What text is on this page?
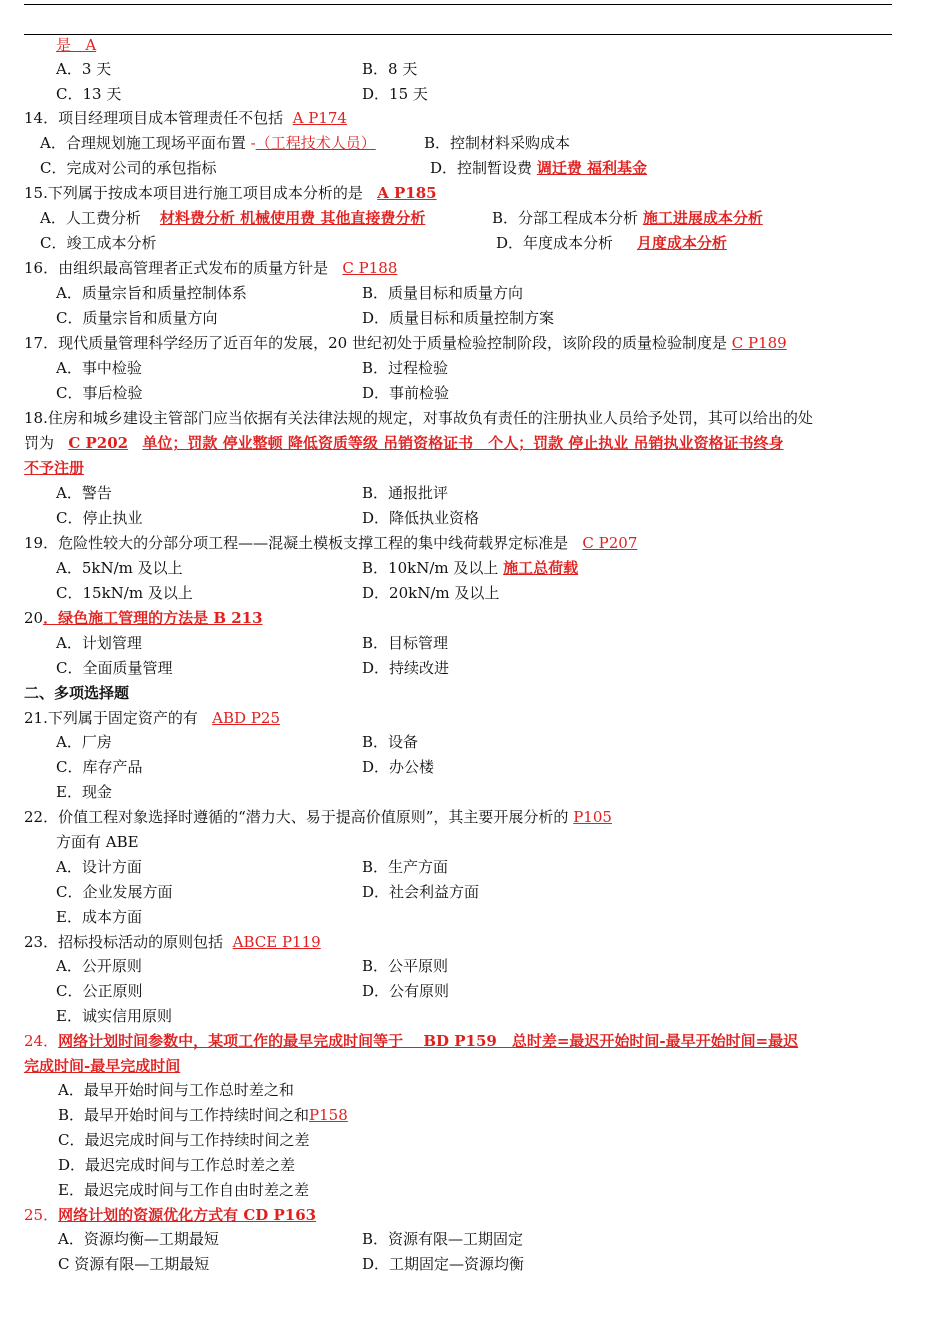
是 A
A．3 天	B．8 天
C．13 天	D．15 天
14．项目经理项目成本管理责任不包括 A P174
A．合理规划施工现场平面布置 -（工程技术人员）	B．控制材料采购成本
C．完成对公司的承包指标	D．控制暂设费 调迁费 福利基金
15.下列属于按成本项目进行施工项目成本分析的是 A P185
A．人工费分析 材料费分析 机械使用费 其他直接费分析	B．分部工程成本分析 施工进展成本分析
C．竣工成本分析	D．年度成本分析 月度成本分析
16．由组织最高管理者正式发布的质量方针是 C P188
A．质量宗旨和质量控制体系	B．质量目标和质量方向
C．质量宗旨和质量方向	D．质量目标和质量控制方案
17．现代质量管理科学经历了近百年的发展，20 世纪初处于质量检验控制阶段，该阶段的质量检验制度是 C P189
A．事中检验	B．过程检验
C．事后检验	D．事前检验
18.住房和城乡建设主管部门应当依据有关法律法规的规定，对事故负有责任的注册执业人员给予处罚，其可以给出的处
罚为 C P202 单位；罚款 停业整顿 降低资质等级 吊销资格证书　个人；罚款 停止执业 吊销执业资格证书终身
不予注册
A．警告	B．通报批评
C．停止执业	D．降低执业资格
19．危险性较大的分部分项工程——混凝土模板支撑工程的集中线荷载界定标准是 C P207
A．5kN/m 及以上	B．10kN/m 及以上 施工总荷载
C．15kN/m 及以上	D．20kN/m 及以上
20．绿色施工管理的方法是 B 213
A．计划管理	B．目标管理
C．全面质量管理	D．持续改进
二、多项选择题
21.下列属于固定资产的有 ABD P25
A．厂房	B．设备
C．库存产品	D．办公楼
E．现金
22．价值工程对象选择时遵循的“潜力大、易于提高价值原则”，其主要开展分析的 P105
方面有 ABE
A．设计方面	B．生产方面
C．企业发展方面	D．社会利益方面
E．成本方面
23．招标投标活动的原则包括 ABCE P119
A．公开原则	B．公平原则
C．公正原则	D．公有原则
E．诚实信用原则
24．网络计划时间参数中，某项工作的最早完成时间等于　 BD P159　总时差=最迟开始时间-最早开始时间=最迟
完成时间-最早完成时间
A．最早开始时间与工作总时差之和
B．最早开始时间与工作持续时间之和P158
C．最迟完成时间与工作持续时间之差
D．最迟完成时间与工作总时差之差
E．最迟完成时间与工作自由时差之差
25．网络计划的资源优化方式有 CD P163
A．资源均衡—工期最短	B．资源有限—工期固定
C 资源有限—工期最短	D．工期固定—资源均衡
